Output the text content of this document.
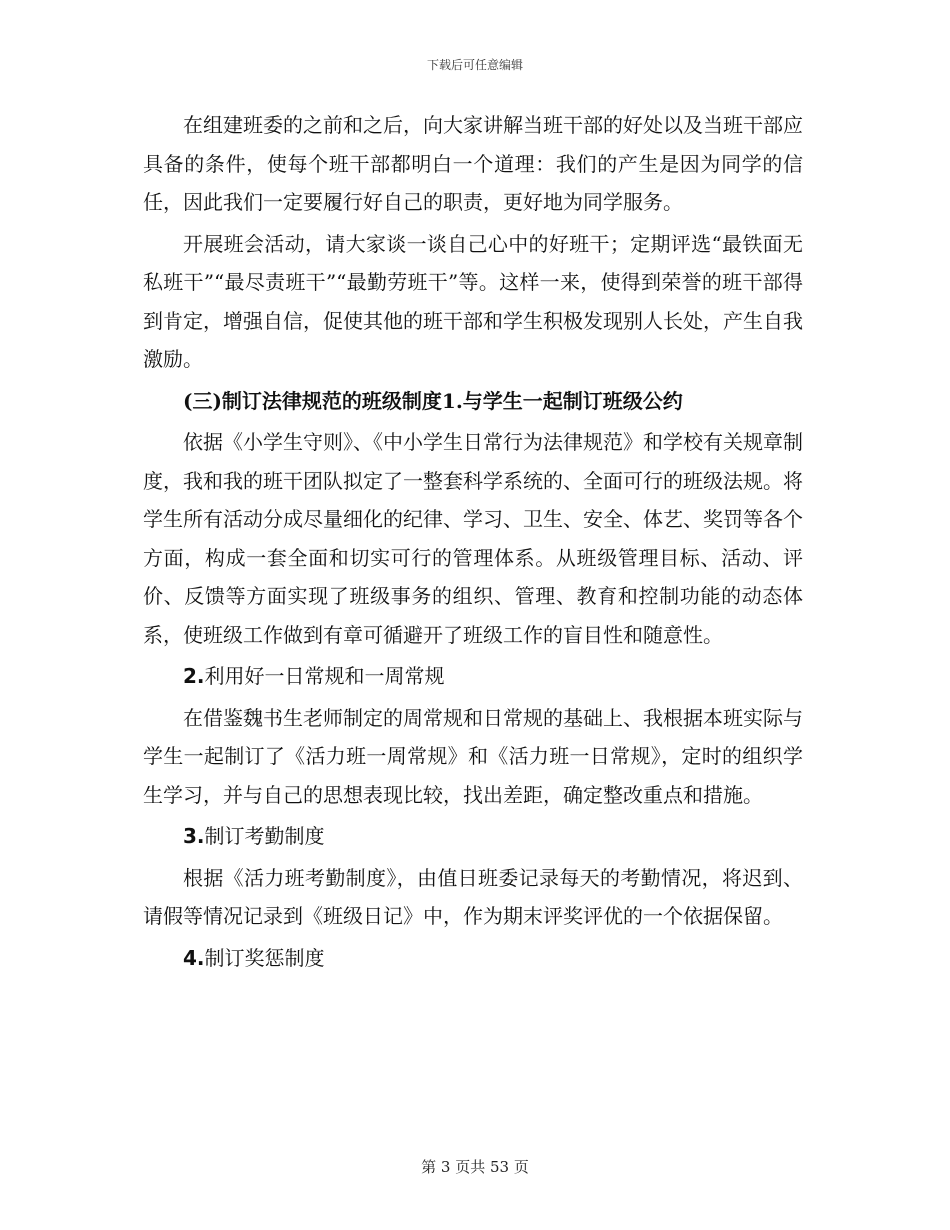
下载后可任意编辑

在组建班委的之前和之后，向大家讲解当班干部的好处以及当班干部应具备的条件，使每个班干部都明白一个道理：我们的产生是因为同学的信任，因此我们一定要履行好自己的职责，更好地为同学服务。

开展班会活动，请大家谈一谈自己心中的好班干；定期评选“最铁面无私班干”“最尽责班干”“最勤劳班干”等。这样一来，使得到荣誉的班干部得到肯定，增强自信，促使其他的班干部和学生积极发现别人长处，产生自我激励。

(三)制订法律规范的班级制度1.与学生一起制订班级公约

依据《小学生守则》、《中小学生日常行为法律规范》和学校有关规章制度，我和我的班干团队拟定了一整套科学系统的、全面可行的班级法规。将学生所有活动分成尽量细化的纪律、学习、卫生、安全、体艺、奖罚等各个方面，构成一套全面和切实可行的管理体系。从班级管理目标、活动、评价、反馈等方面实现了班级事务的组织、管理、教育和控制功能的动态体系，使班级工作做到有章可循避开了班级工作的盲目性和随意性。

2.利用好一日常规和一周常规

在借鉴魏书生老师制定的周常规和日常规的基础上、我根据本班实际与学生一起制订了《活力班一周常规》和《活力班一日常规》，定时的组织学生学习，并与自己的思想表现比较，找出差距，确定整改重点和措施。

3.制订考勤制度

根据《活力班考勤制度》，由值日班委记录每天的考勤情况，将迟到、请假等情况记录到《班级日记》中，作为期末评奖评优的一个依据保留。

4.制订奖惩制度

第 3 页共 53 页
